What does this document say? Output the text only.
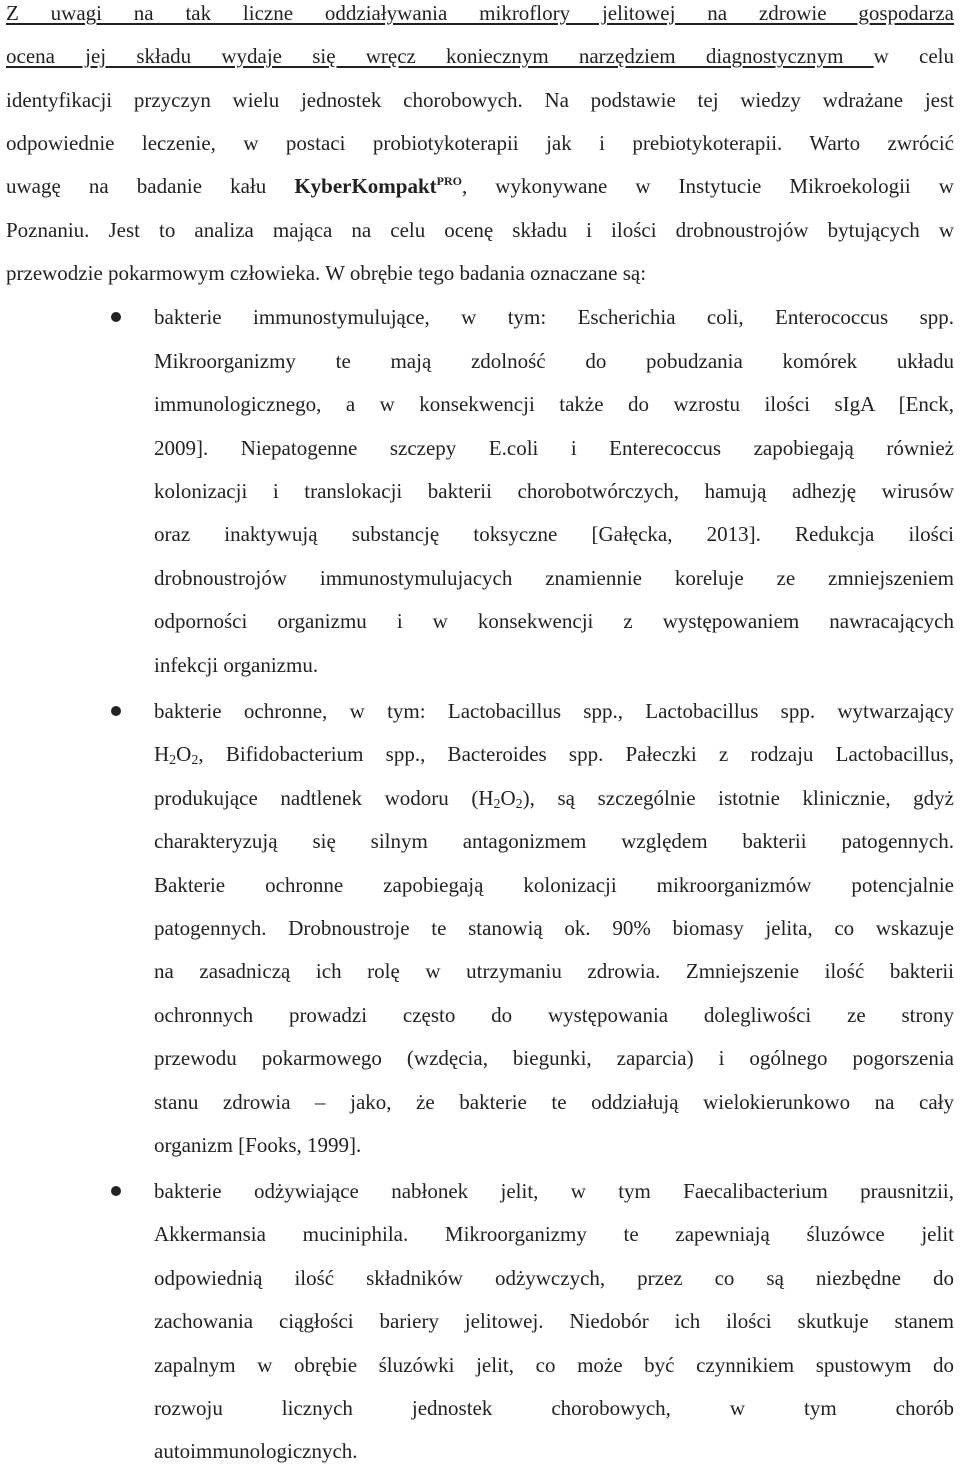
Z uwagi na tak liczne oddziaływania mikroflory jelitowej na zdrowie gospodarza
ocena jej składu wydaje się wręcz koniecznym narzędziem diagnostycznym w celu
identyfikacji przyczyn wielu jednostek chorobowych. Na podstawie tej wiedzy wdrażane jest
odpowiednie leczenie, w postaci probiotykoterapii jak i prebiotykoterapii. Warto zwrócić
uwagę na badanie kału KyberKompakt$^{PRO}$, wykonywane w Instytucie Mikroekologii w
Poznaniu. Jest to analiza mająca na celu ocenę składu i ilości drobnoustrojów bytujących w
przewodzie pokarmowym człowieka. W obrębie tego badania oznaczane są:
bakterie immunostymulujące, w tym: Escherichia coli, Enterococcus spp.
Mikroorganizmy te mają zdolność do pobudzania komórek układu
immunologicznego, a w konsekwencji także do wzrostu ilości sIgA [Enck,
2009]. Niepatogenne szczepy E.coli i Enterecoccus zapobiegają również
kolonizacji i translokacji bakterii chorobotwórczych, hamują adhezję wirusów
oraz inaktywują substancję toksyczne [Gałęcka, 2013]. Redukcja ilości
drobnoustrojów immunostymulujacych znamiennie koreluje ze zmniejszeniem
odporności organizmu i w konsekwencji z występowaniem nawracających
infekcji organizmu.
bakterie ochronne, w tym: Lactobacillus spp., Lactobacillus spp. wytwarzający
$H_2O_2$, Bifidobacterium spp., Bacteroides spp. Pałeczki z rodzaju Lactobacillus,
produkujące nadtlenek wodoru $(H_2O_2)$, są szczególnie istotnie klinicznie, gdyż
charakteryzują się silnym antagonizmem względem bakterii patogennych.
Bakterie ochronne zapobiegają kolonizacji mikroorganizmów potencjalnie
patogennych. Drobnoustroje te stanowią ok. 90% biomasy jelita, co wskazuje
na zasadniczą ich rolę w utrzymaniu zdrowia. Zmniejszenie ilość bakterii
ochronnych prowadzi często do występowania dolegliwości ze strony
przewodu pokarmowego (wzdęcia, biegunki, zaparcia) i ogólnego pogorszenia
stanu zdrowia – jako, że bakterie te oddziałują wielokierunkowo na cały
organizm [Fooks, 1999].
bakterie odżywiające nabłonek jelit, w tym Faecalibacterium prausnitzii,
Akkermansia muciniphila. Mikroorganizmy te zapewniają śluzówce jelit
odpowiednią ilość składników odżywczych, przez co są niezbędne do
zachowania ciągłości bariery jelitowej. Niedobór ich ilości skutkuje stanem
zapalnym w obrębie śluzówki jelit, co może być czynnikiem spustowym do
rozwoju licznych jednostek chorobowych, w tym chorób
autoimmunologicznych.
